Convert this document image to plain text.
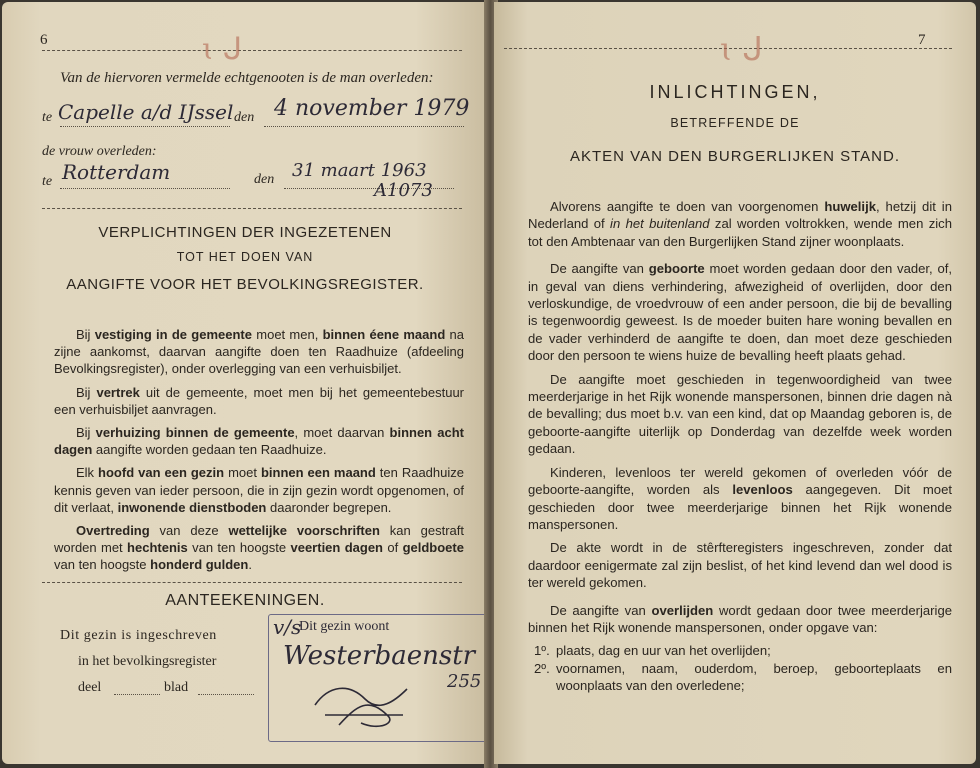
6	ɩ ᒍ
Van de hiervoren vermelde echtgenooten is de man overleden:
te Capelle a/d IJssel den 4 november 1979
de vrouw overleden:
te Rotterdam	den 31 maart 1963
A1073
VERPLICHTINGEN DER INGEZETENEN
TOT HET DOEN VAN
AANGIFTE VOOR HET BEVOLKINGSREGISTER.

Bij vestiging in de gemeente moet men, binnen éene maand na zijne aankomst, daarvan aangifte doen ten Raadhuize (afdeeling Bevolkingsregister), onder overlegging van een verhuisbiljet.

Bij vertrek uit de gemeente, moet men bij het gemeentebestuur een verhuisbiljet aanvragen.

Bij verhuizing binnen de gemeente, moet daarvan binnen acht dagen aangifte worden gedaan ten Raadhuize.

Elk hoofd van een gezin moet binnen een maand ten Raadhuize kennis geven van ieder persoon, die in zijn gezin wordt opgenomen, of dit verlaat, inwonende dienstboden daaronder begrepen.

Overtreding van deze wettelijke voorschriften kan gestraft worden met hechtenis van ten hoogste veertien dagen of geldboete van ten hoogste honderd gulden.

AANTEEKENINGEN.
Dit gezin is ingeschreven
in het bevolkingsregister
deel	blad
Dit gezin woont
v/s
Westerbaenstr
255
7
ɩ ᒍ
INLICHTINGEN,
BETREFFENDE DE
AKTEN VAN DEN BURGERLIJKEN STAND.

Alvorens aangifte te doen van voorgenomen huwelijk, hetzij dit in Nederland of in het buitenland zal worden voltrokken, wende men zich tot den Ambtenaar van den Burgerlijken Stand zijner woonplaats.

De aangifte van geboorte moet worden gedaan door den vader, of, in geval van diens verhindering, afwezigheid of overlijden, door den verloskundige, de vroedvrouw of een ander persoon, die bij de bevalling is tegenwoordig geweest. Is de moeder buiten hare woning bevallen en de vader verhinderd de aangifte te doen, dan moet deze geschieden door den persoon te wiens huize de bevalling heeft plaats gehad.

De aangifte moet geschieden in tegenwoordigheid van twee meerderjarige in het Rijk wonende manspersonen, binnen drie dagen nà de bevalling; dus moet b.v. van een kind, dat op Maandag geboren is, de geboorte-aangifte uiterlijk op Donderdag van dezelfde week worden gedaan.

Kinderen, levenloos ter wereld gekomen of overleden vóór de geboorte-aangifte, worden als levenloos aangegeven. Dit moet geschieden door twee meerderjarige binnen het Rijk wonende manspersonen.

De akte wordt in de stêrfteregisters ingeschreven, zonder dat daardoor eenigermate zal zijn beslist, of het kind levend dan wel dood is ter wereld gekomen.

De aangifte van overlijden wordt gedaan door twee meerderjarige binnen het Rijk wonende manspersonen, onder opgave van:

1º. plaats, dag en uur van het overlijden;
2º. voornamen, naam, ouderdom, beroep, geboorteplaats en woonplaats van den overledene;
